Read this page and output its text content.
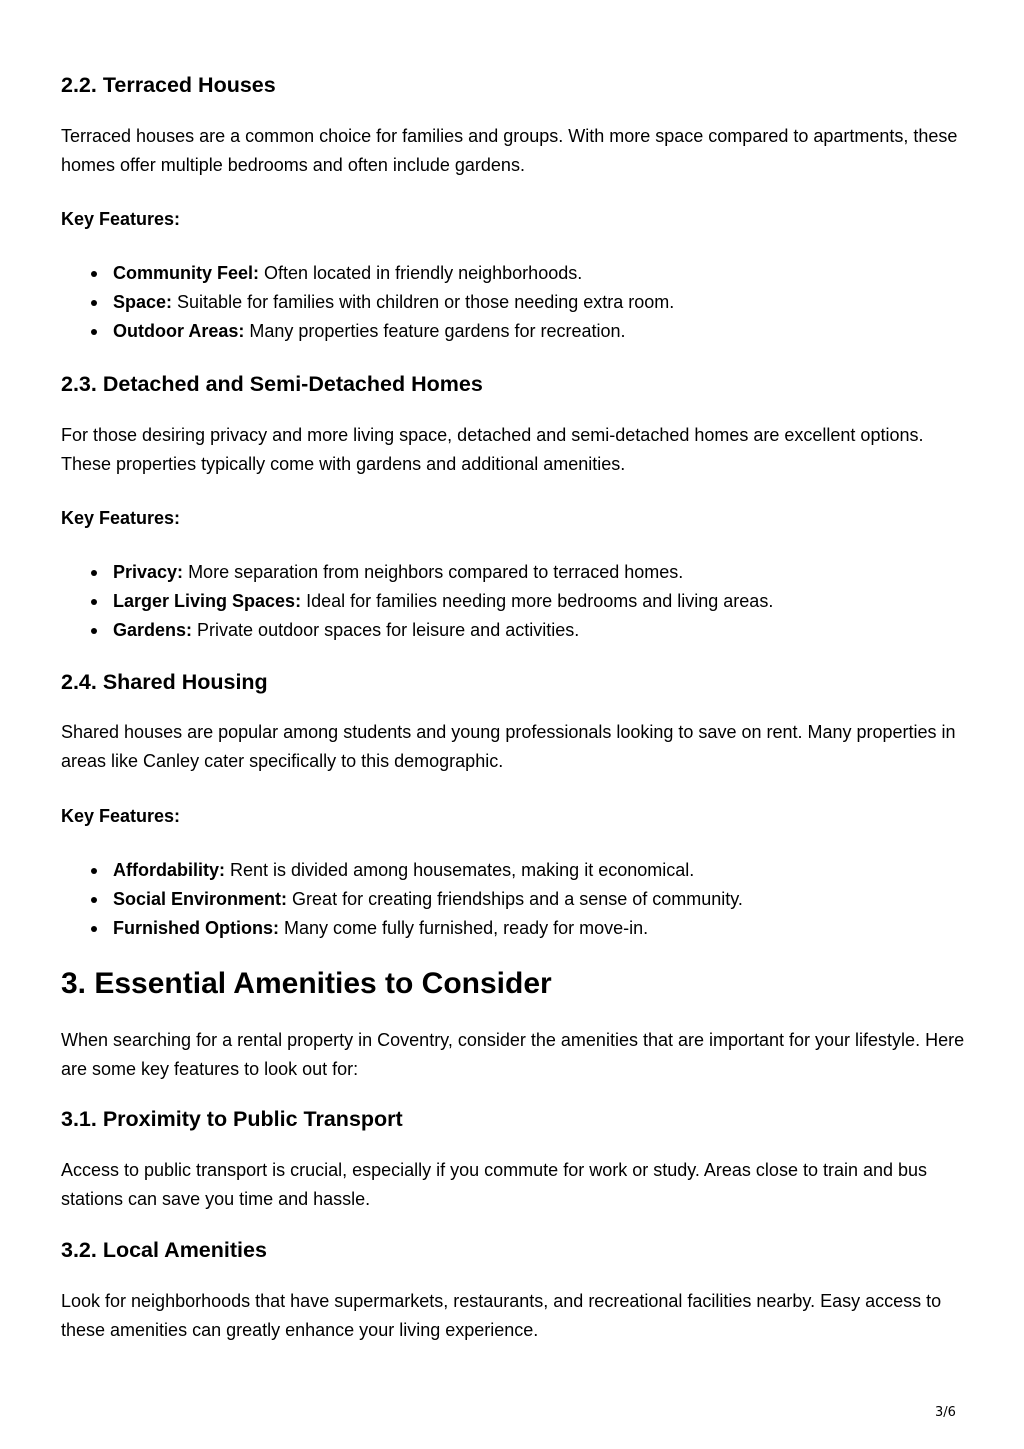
2.2. Terraced Houses

Terraced houses are a common choice for families and groups. With more space compared to apartments, these homes offer multiple bedrooms and often include gardens.

Key Features:
Community Feel: Often located in friendly neighborhoods.
Space: Suitable for families with children or those needing extra room.
Outdoor Areas: Many properties feature gardens for recreation.
2.3. Detached and Semi-Detached Homes

For those desiring privacy and more living space, detached and semi-detached homes are excellent options. These properties typically come with gardens and additional amenities.

Key Features:
Privacy: More separation from neighbors compared to terraced homes.
Larger Living Spaces: Ideal for families needing more bedrooms and living areas.
Gardens: Private outdoor spaces for leisure and activities.
2.4. Shared Housing

Shared houses are popular among students and young professionals looking to save on rent. Many properties in areas like Canley cater specifically to this demographic.

Key Features:
Affordability: Rent is divided among housemates, making it economical.
Social Environment: Great for creating friendships and a sense of community.
Furnished Options: Many come fully furnished, ready for move-in.
3. Essential Amenities to Consider

When searching for a rental property in Coventry, consider the amenities that are important for your lifestyle. Here are some key features to look out for:

3.1. Proximity to Public Transport

Access to public transport is crucial, especially if you commute for work or study. Areas close to train and bus stations can save you time and hassle.

3.2. Local Amenities

Look for neighborhoods that have supermarkets, restaurants, and recreational facilities nearby. Easy access to these amenities can greatly enhance your living experience.

3/6
